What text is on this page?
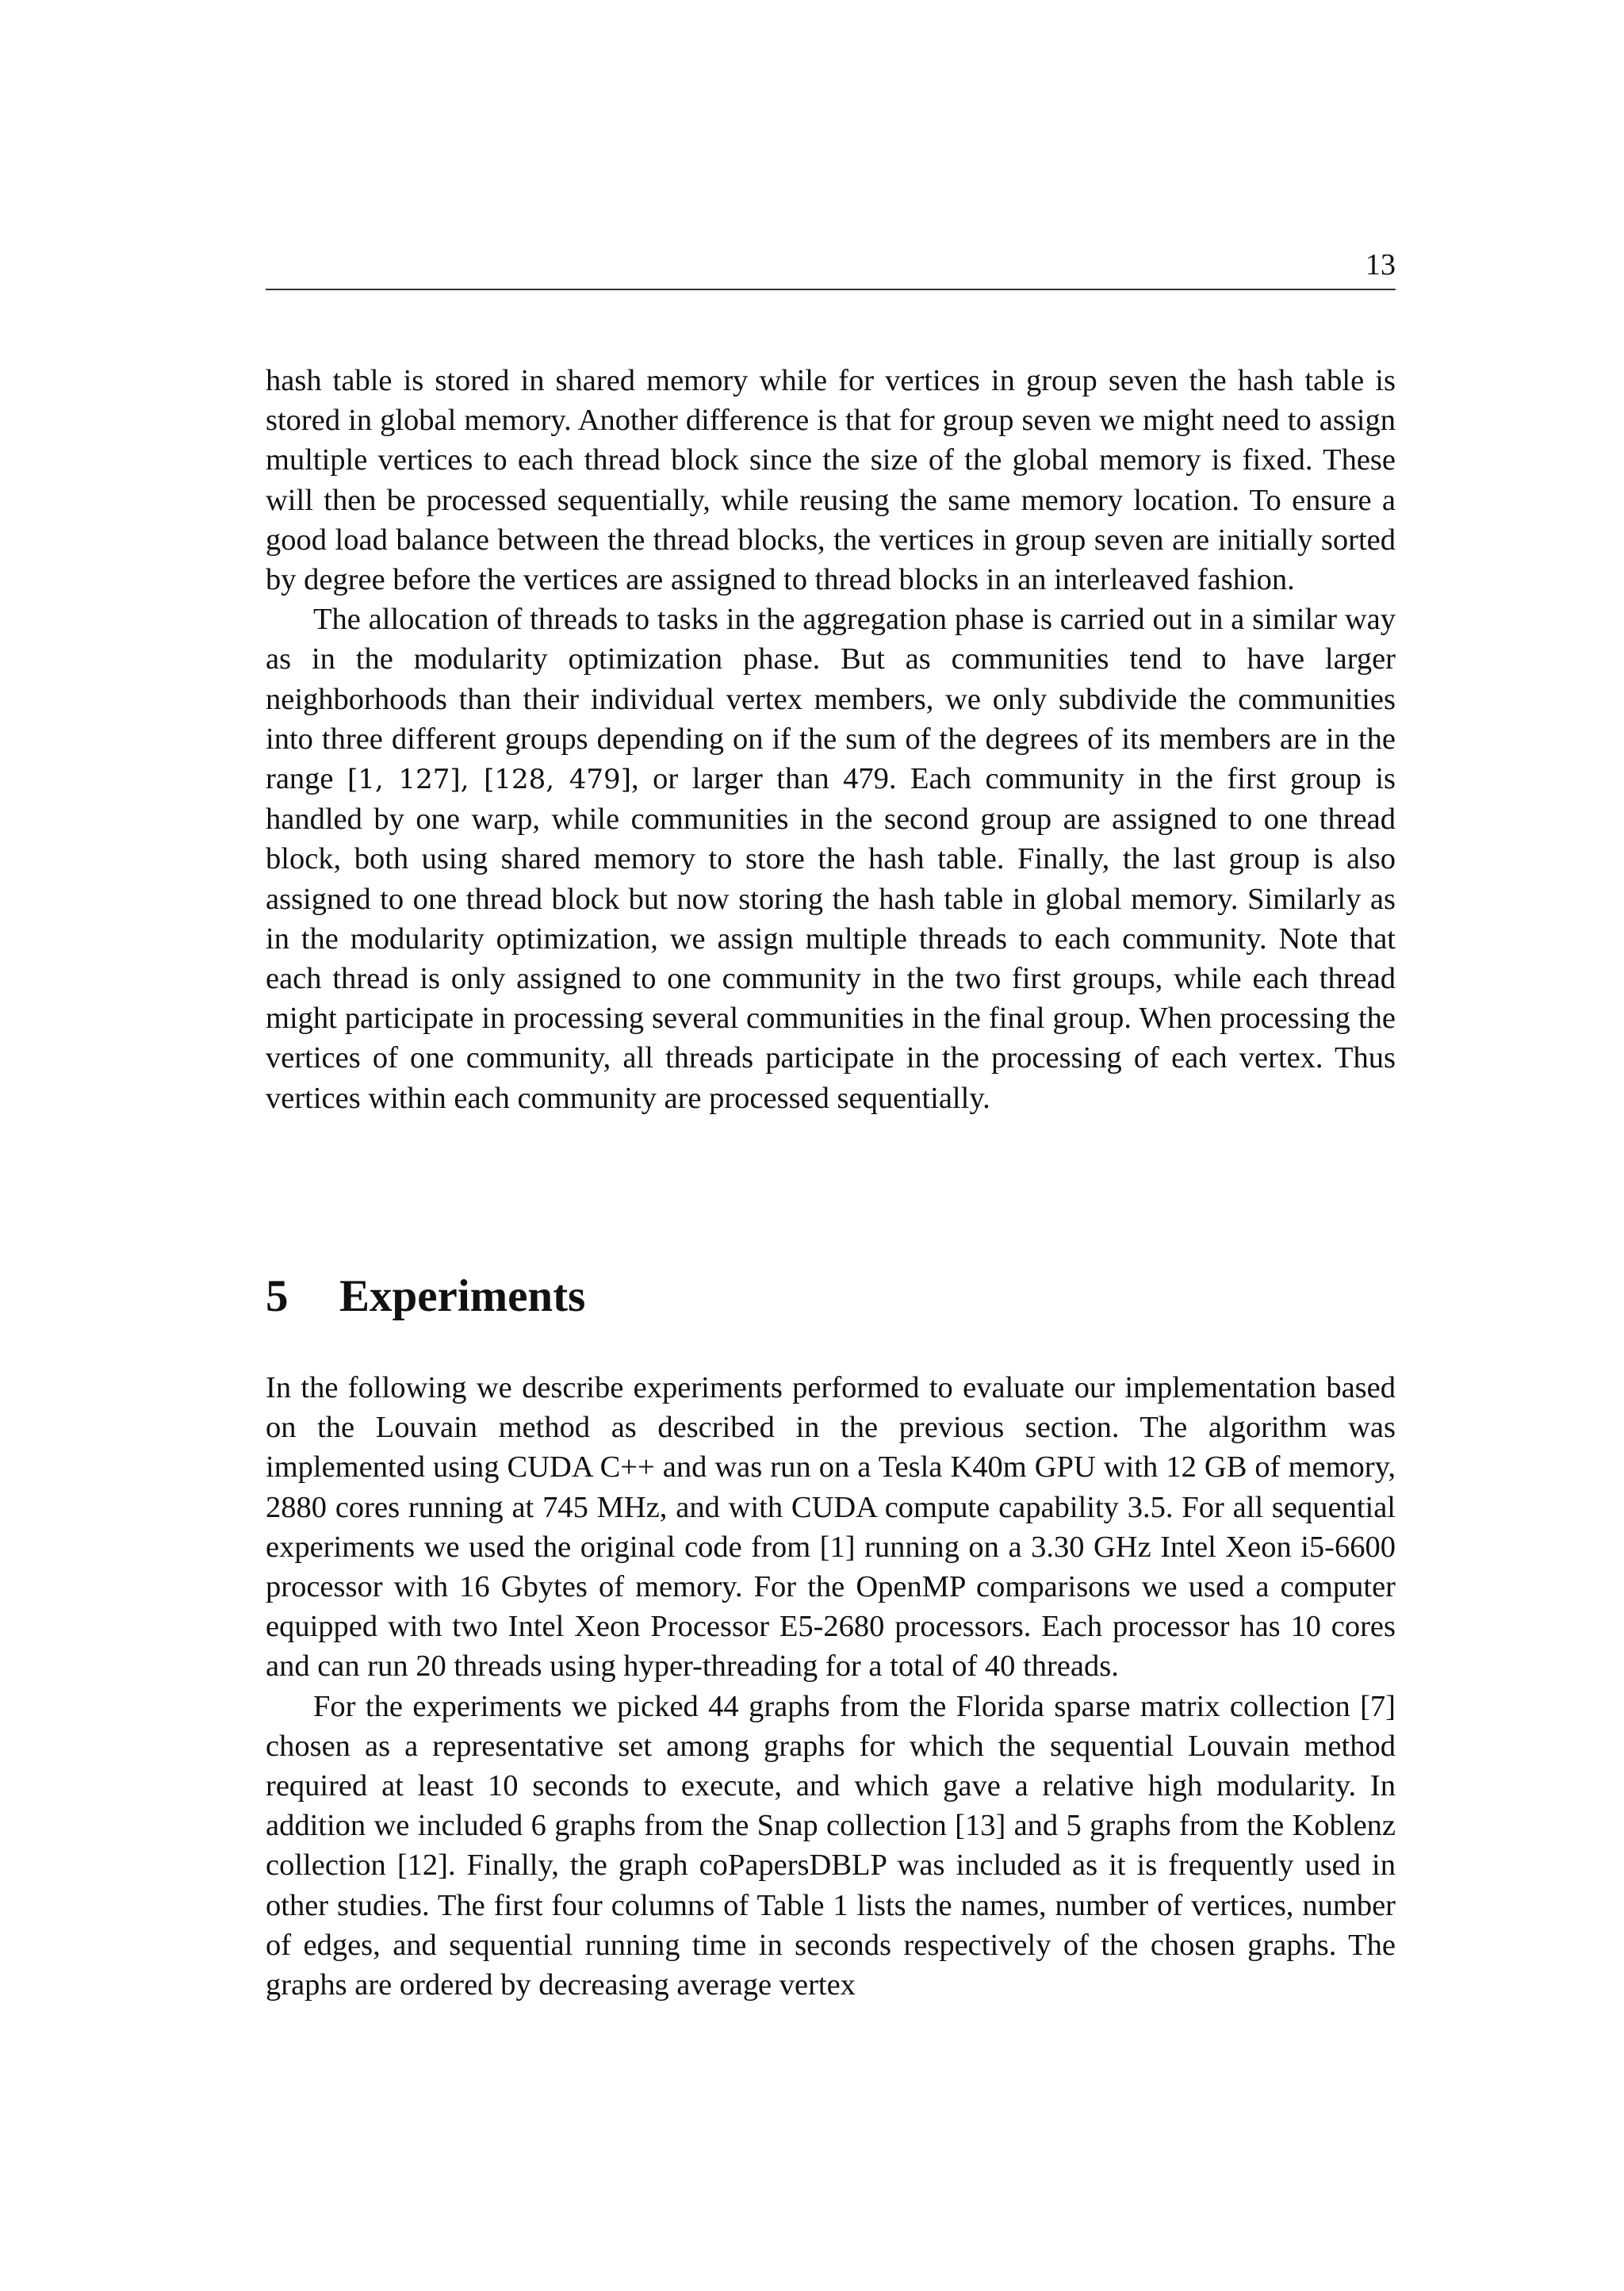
13

hash table is stored in shared memory while for vertices in group seven the hash table is stored in global memory. Another difference is that for group seven we might need to assign multiple vertices to each thread block since the size of the global memory is fixed. These will then be processed sequentially, while reusing the same memory location. To ensure a good load balance between the thread blocks, the vertices in group seven are initially sorted by degree before the vertices are assigned to thread blocks in an interleaved fashion.

The allocation of threads to tasks in the aggregation phase is carried out in a similar way as in the modularity optimization phase. But as communities tend to have larger neighborhoods than their individual vertex members, we only subdivide the communities into three different groups depending on if the sum of the degrees of its members are in the range [1, 127], [128, 479], or larger than 479. Each community in the first group is handled by one warp, while communities in the second group are assigned to one thread block, both using shared memory to store the hash table. Finally, the last group is also assigned to one thread block but now storing the hash table in global memory. Similarly as in the modularity optimization, we assign multiple threads to each community. Note that each thread is only assigned to one community in the two first groups, while each thread might participate in processing several communities in the final group. When processing the vertices of one community, all threads participate in the processing of each vertex. Thus vertices within each community are processed sequentially.

5 Experiments

In the following we describe experiments performed to evaluate our implementation based on the Louvain method as described in the previous section. The algorithm was implemented using CUDA C++ and was run on a Tesla K40m GPU with 12 GB of memory, 2880 cores running at 745 MHz, and with CUDA compute capability 3.5. For all sequential experiments we used the original code from [1] running on a 3.30 GHz Intel Xeon i5-6600 processor with 16 Gbytes of memory. For the OpenMP comparisons we used a computer equipped with two Intel Xeon Processor E5-2680 processors. Each processor has 10 cores and can run 20 threads using hyper-threading for a total of 40 threads.

For the experiments we picked 44 graphs from the Florida sparse matrix collection [7] chosen as a representative set among graphs for which the sequential Louvain method required at least 10 seconds to execute, and which gave a relative high modularity. In addition we included 6 graphs from the Snap collection [13] and 5 graphs from the Koblenz collection [12]. Finally, the graph coPapersDBLP was included as it is frequently used in other studies. The first four columns of Table 1 lists the names, number of vertices, number of edges, and sequential running time in seconds respectively of the chosen graphs. The graphs are ordered by decreasing average vertex
